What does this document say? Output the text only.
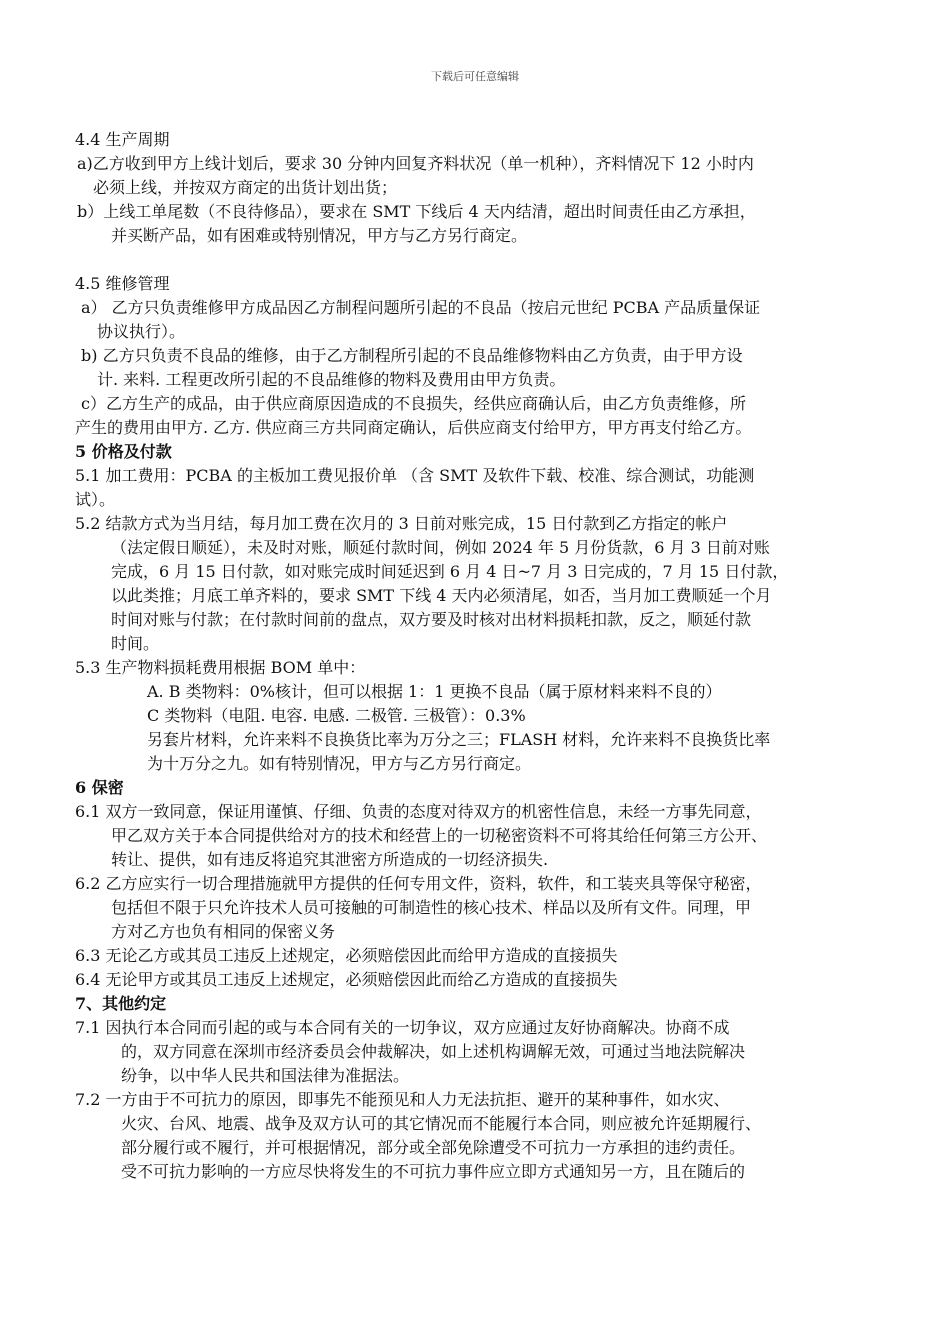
下载后可任意编辑
4.4 生产周期
a)乙方收到甲方上线计划后，要求 30 分钟内回复齐料状况（单一机种），齐料情况下 12 小时内
必须上线，并按双方商定的出货计划出货；
b）上线工单尾数（不良待修品），要求在 SMT 下线后 4 天内结清，超出时间责任由乙方承担，
并买断产品，如有困难或特别情况，甲方与乙方另行商定。

4.5 维修管理
a） 乙方只负责维修甲方成品因乙方制程问题所引起的不良品（按启元世纪 PCBA 产品质量保证
协议执行）。
b) 乙方只负责不良品的维修，由于乙方制程所引起的不良品维修物料由乙方负责，由于甲方设
计. 来料. 工程更改所引起的不良品维修的物料及费用由甲方负责。
c）乙方生产的成品，由于供应商原因造成的不良损失，经供应商确认后，由乙方负责维修，所
产生的费用由甲方. 乙方. 供应商三方共同商定确认，后供应商支付给甲方，甲方再支付给乙方。
5 价格及付款
5.1 加工费用：PCBA 的主板加工费见报价单 （含 SMT 及软件下载、校准、综合测试，功能测
试）。
5.2 结款方式为当月结，每月加工费在次月的 3 日前对账完成，15 日付款到乙方指定的帐户
（法定假日顺延），未及时对账，顺延付款时间，例如 2024 年 5 月份货款，6 月 3 日前对账
完成，6 月 15 日付款，如对账完成时间延迟到 6 月 4 日~7 月 3 日完成的，7 月 15 日付款，
以此类推；月底工单齐料的，要求 SMT 下线 4 天内必须清尾，如否，当月加工费顺延一个月
时间对账与付款；在付款时间前的盘点，双方要及时核对出材料损耗扣款，反之，顺延付款
时间。
5.3 生产物料损耗费用根据 BOM 单中：
A. B 类物料：0%核计，但可以根据 1：1 更换不良品（属于原材料来料不良的）
C 类物料（电阻. 电容. 电感. 二极管. 三极管）：0.3%
另套片材料，允许来料不良换货比率为万分之三；FLASH 材料，允许来料不良换货比率
为十万分之九。如有特别情况，甲方与乙方另行商定。
6 保密
6.1 双方一致同意，保证用谨慎、仔细、负责的态度对待双方的机密性信息，未经一方事先同意，
甲乙双方关于本合同提供给对方的技术和经营上的一切秘密资料不可将其给任何第三方公开、
转让、提供，如有违反将追究其泄密方所造成的一切经济损失.
6.2 乙方应实行一切合理措施就甲方提供的任何专用文件，资料，软件，和工装夹具等保守秘密，
包括但不限于只允许技术人员可接触的可制造性的核心技术、样品以及所有文件。同理，甲
方对乙方也负有相同的保密义务
6.3 无论乙方或其员工违反上述规定，必须赔偿因此而给甲方造成的直接损失
6.4 无论甲方或其员工违反上述规定，必须赔偿因此而给乙方造成的直接损失
7、其他约定
7.1 因执行本合同而引起的或与本合同有关的一切争议，双方应通过友好协商解决。协商不成
的，双方同意在深圳市经济委员会仲裁解决，如上述机构调解无效，可通过当地法院解决
纷争，以中华人民共和国法律为准据法。
7.2 一方由于不可抗力的原因，即事先不能预见和人力无法抗拒、避开的某种事件，如水灾、
火灾、台风、地震、战争及双方认可的其它情况而不能履行本合同，则应被允许延期履行、
部分履行或不履行，并可根据情况，部分或全部免除遭受不可抗力一方承担的违约责任。
受不可抗力影响的一方应尽快将发生的不可抗力事件应立即方式通知另一方，且在随后的
